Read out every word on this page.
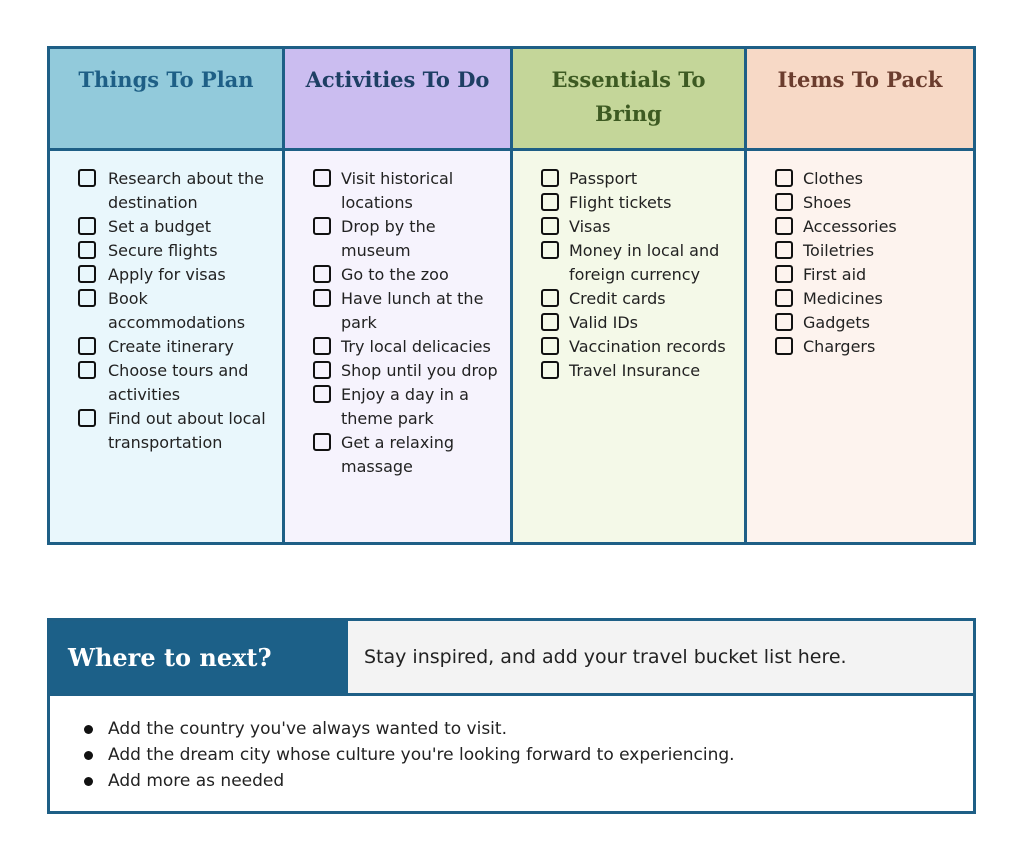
Things To Plan
Research about the destination
Set a budget
Secure flights
Apply for visas
Book accommodations
Create itinerary
Choose tours and activities
Find out about local transportation
Activities To Do
Visit historical locations
Drop by the museum
Go to the zoo
Have lunch at the park
Try local delicacies
Shop until you drop
Enjoy a day in a theme park
Get a relaxing massage
Essentials To Bring
Passport
Flight tickets
Visas
Money in local and foreign currency
Credit cards
Valid IDs
Vaccination records
Travel Insurance
Items To Pack
Clothes
Shoes
Accessories
Toiletries
First aid
Medicines
Gadgets
Chargers
Where to next?	Stay inspired, and add your travel bucket list here.
Add the country you've always wanted to visit.
Add the dream city whose culture you're looking forward to experiencing.
Add more as needed
